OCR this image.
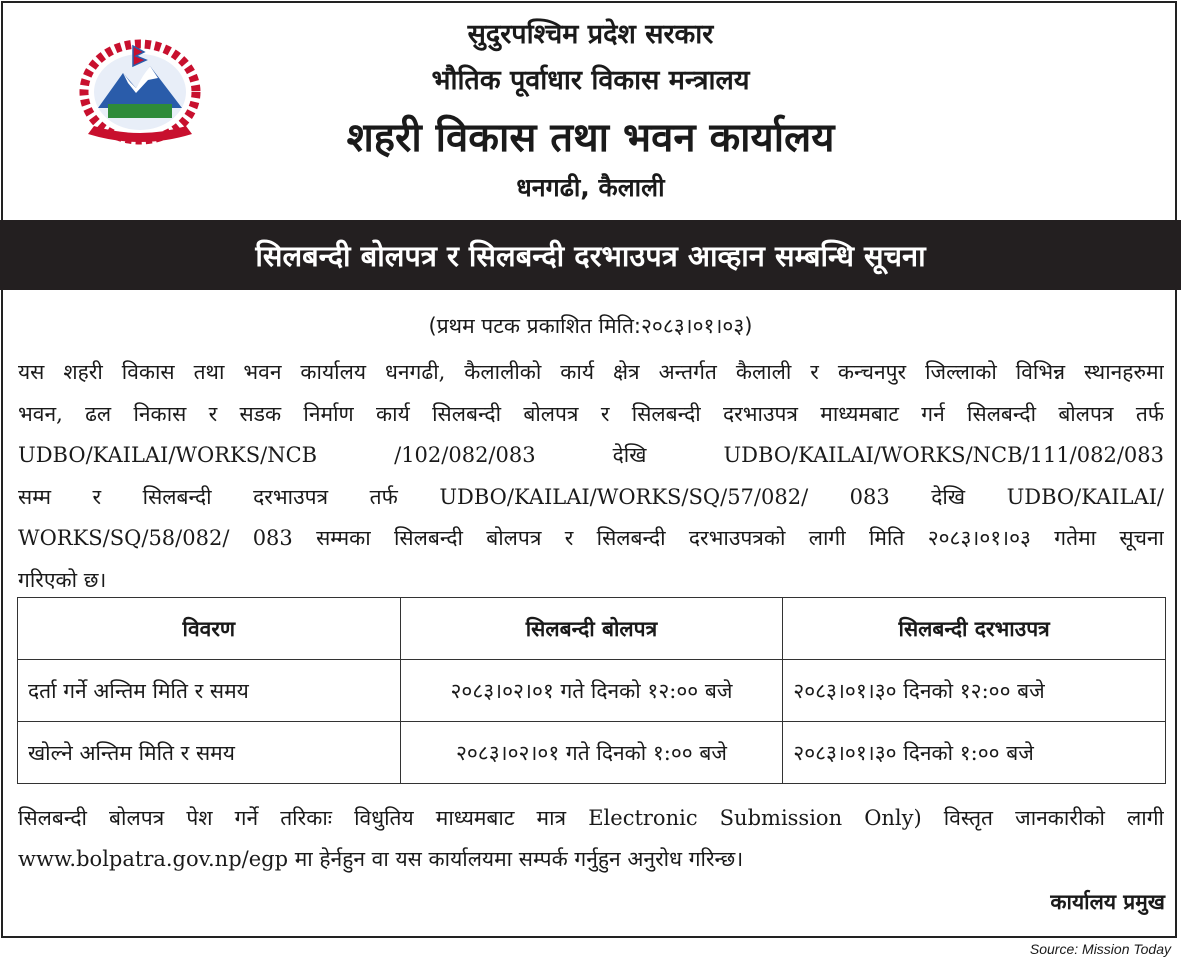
सुदुरपश्चिम प्रदेश सरकार
भौतिक पूर्वाधार विकास मन्त्रालय
शहरी विकास तथा भवन कार्यालय
धनगढी, कैलाली
सिलबन्दी बोलपत्र र सिलबन्दी दरभाउपत्र आव्हान सम्बन्धि सूचना
(प्रथम पटक प्रकाशित मिति:२०८३।०१।०३)
यस शहरी विकास तथा भवन कार्यालय धनगढी, कैलालीको कार्य क्षेत्र अन्तर्गत कैलाली र कन्चनपुर जिल्लाको विभिन्न स्थानहरुमा
भवन, ढल निकास र सडक निर्माण कार्य सिलबन्दी बोलपत्र र सिलबन्दी दरभाउपत्र माध्यमबाट गर्न सिलबन्दी बोलपत्र तर्फ
UDBO/KAILAI/WORKS/NCB /102/082/083 देखि UDBO/KAILAI/WORKS/NCB/111/082/083
सम्म र सिलबन्दी दरभाउपत्र तर्फ UDBO/KAILAI/WORKS/SQ/57/082/ 083 देखि UDBO/KAILAI/
WORKS/SQ/58/082/ 083 सम्मका सिलबन्दी बोलपत्र र सिलबन्दी दरभाउपत्रको लागी मिति २०८३।०१।०३ गतेमा सूचना
गरिएको छ।
विवरण	सिलबन्दी बोलपत्र	सिलबन्दी दरभाउपत्र
दर्ता गर्ने अन्तिम मिति र समय	२०८३।०२।०१ गते दिनको १२:०० बजे	२०८३।०१।३० दिनको १२:०० बजे
खोल्ने अन्तिम मिति र समय	२०८३।०२।०१ गते दिनको १:०० बजे	२०८३।०१।३० दिनको १:०० बजे
सिलबन्दी बोलपत्र पेश गर्ने तरिकाः विधुतिय माध्यमबाट मात्र Electronic Submission Only) विस्तृत जानकारीको लागी
www.bolpatra.gov.np/egp मा हेर्नहुन वा यस कार्यालयमा सम्पर्क गर्नुहुन अनुरोध गरिन्छ।
कार्यालय प्रमुख
Source: Mission Today
